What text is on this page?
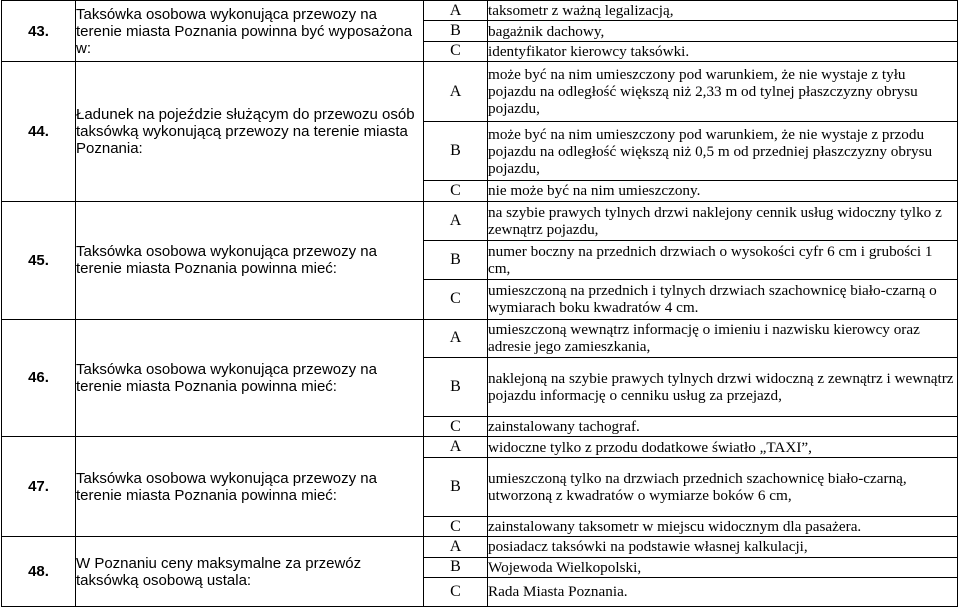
43.	Taksówka osobowa wykonująca przewozy na terenie miasta Poznania powinna być wyposażona w:	A	taksometr z ważną legalizacją,
		B	bagażnik dachowy,
		C	identyfikator kierowcy taksówki.
44.	Ładunek na pojeździe służącym do przewozu osób taksówką wykonującą przewozy na terenie miasta Poznania:	A	może być na nim umieszczony pod warunkiem, że nie wystaje z tyłu pojazdu na odległość większą niż 2,33 m od tylnej płaszczyzny obrysu pojazdu,
		B	może być na nim umieszczony pod warunkiem, że nie wystaje z przodu pojazdu na odległość większą niż 0,5 m od przedniej płaszczyzny obrysu pojazdu,
		C	nie może być na nim umieszczony.
45.	Taksówka osobowa wykonująca przewozy na terenie miasta Poznania powinna mieć:	A	na szybie prawych tylnych drzwi naklejony cennik usług widoczny tylko z zewnątrz pojazdu,
		B	numer boczny na przednich drzwiach o wysokości cyfr 6 cm i grubości 1 cm,
		C	umieszczoną na przednich i tylnych drzwiach szachownicę biało-czarną o wymiarach boku kwadratów 4 cm.
46.	Taksówka osobowa wykonująca przewozy na terenie miasta Poznania powinna mieć:	A	umieszczoną wewnątrz informację o imieniu i nazwisku kierowcy oraz adresie jego zamieszkania,
		B	naklejoną na szybie prawych tylnych drzwi widoczną z zewnątrz i wewnątrz pojazdu informację o cenniku usług za przejazd,
		C	zainstalowany tachograf.
47.	Taksówka osobowa wykonująca przewozy na terenie miasta Poznania powinna mieć:	A	widoczne tylko z przodu dodatkowe światło „TAXI”,
		B	umieszczoną tylko na drzwiach przednich szachownicę biało-czarną, utworzoną z kwadratów o wymiarze boków 6 cm,
		C	zainstalowany taksometr w miejscu widocznym dla pasażera.
48.	W Poznaniu ceny maksymalne za przewóz taksówką osobową ustala:	A	posiadacz taksówki na podstawie własnej kalkulacji,
		B	Wojewoda Wielkopolski,
		C	Rada Miasta Poznania.
